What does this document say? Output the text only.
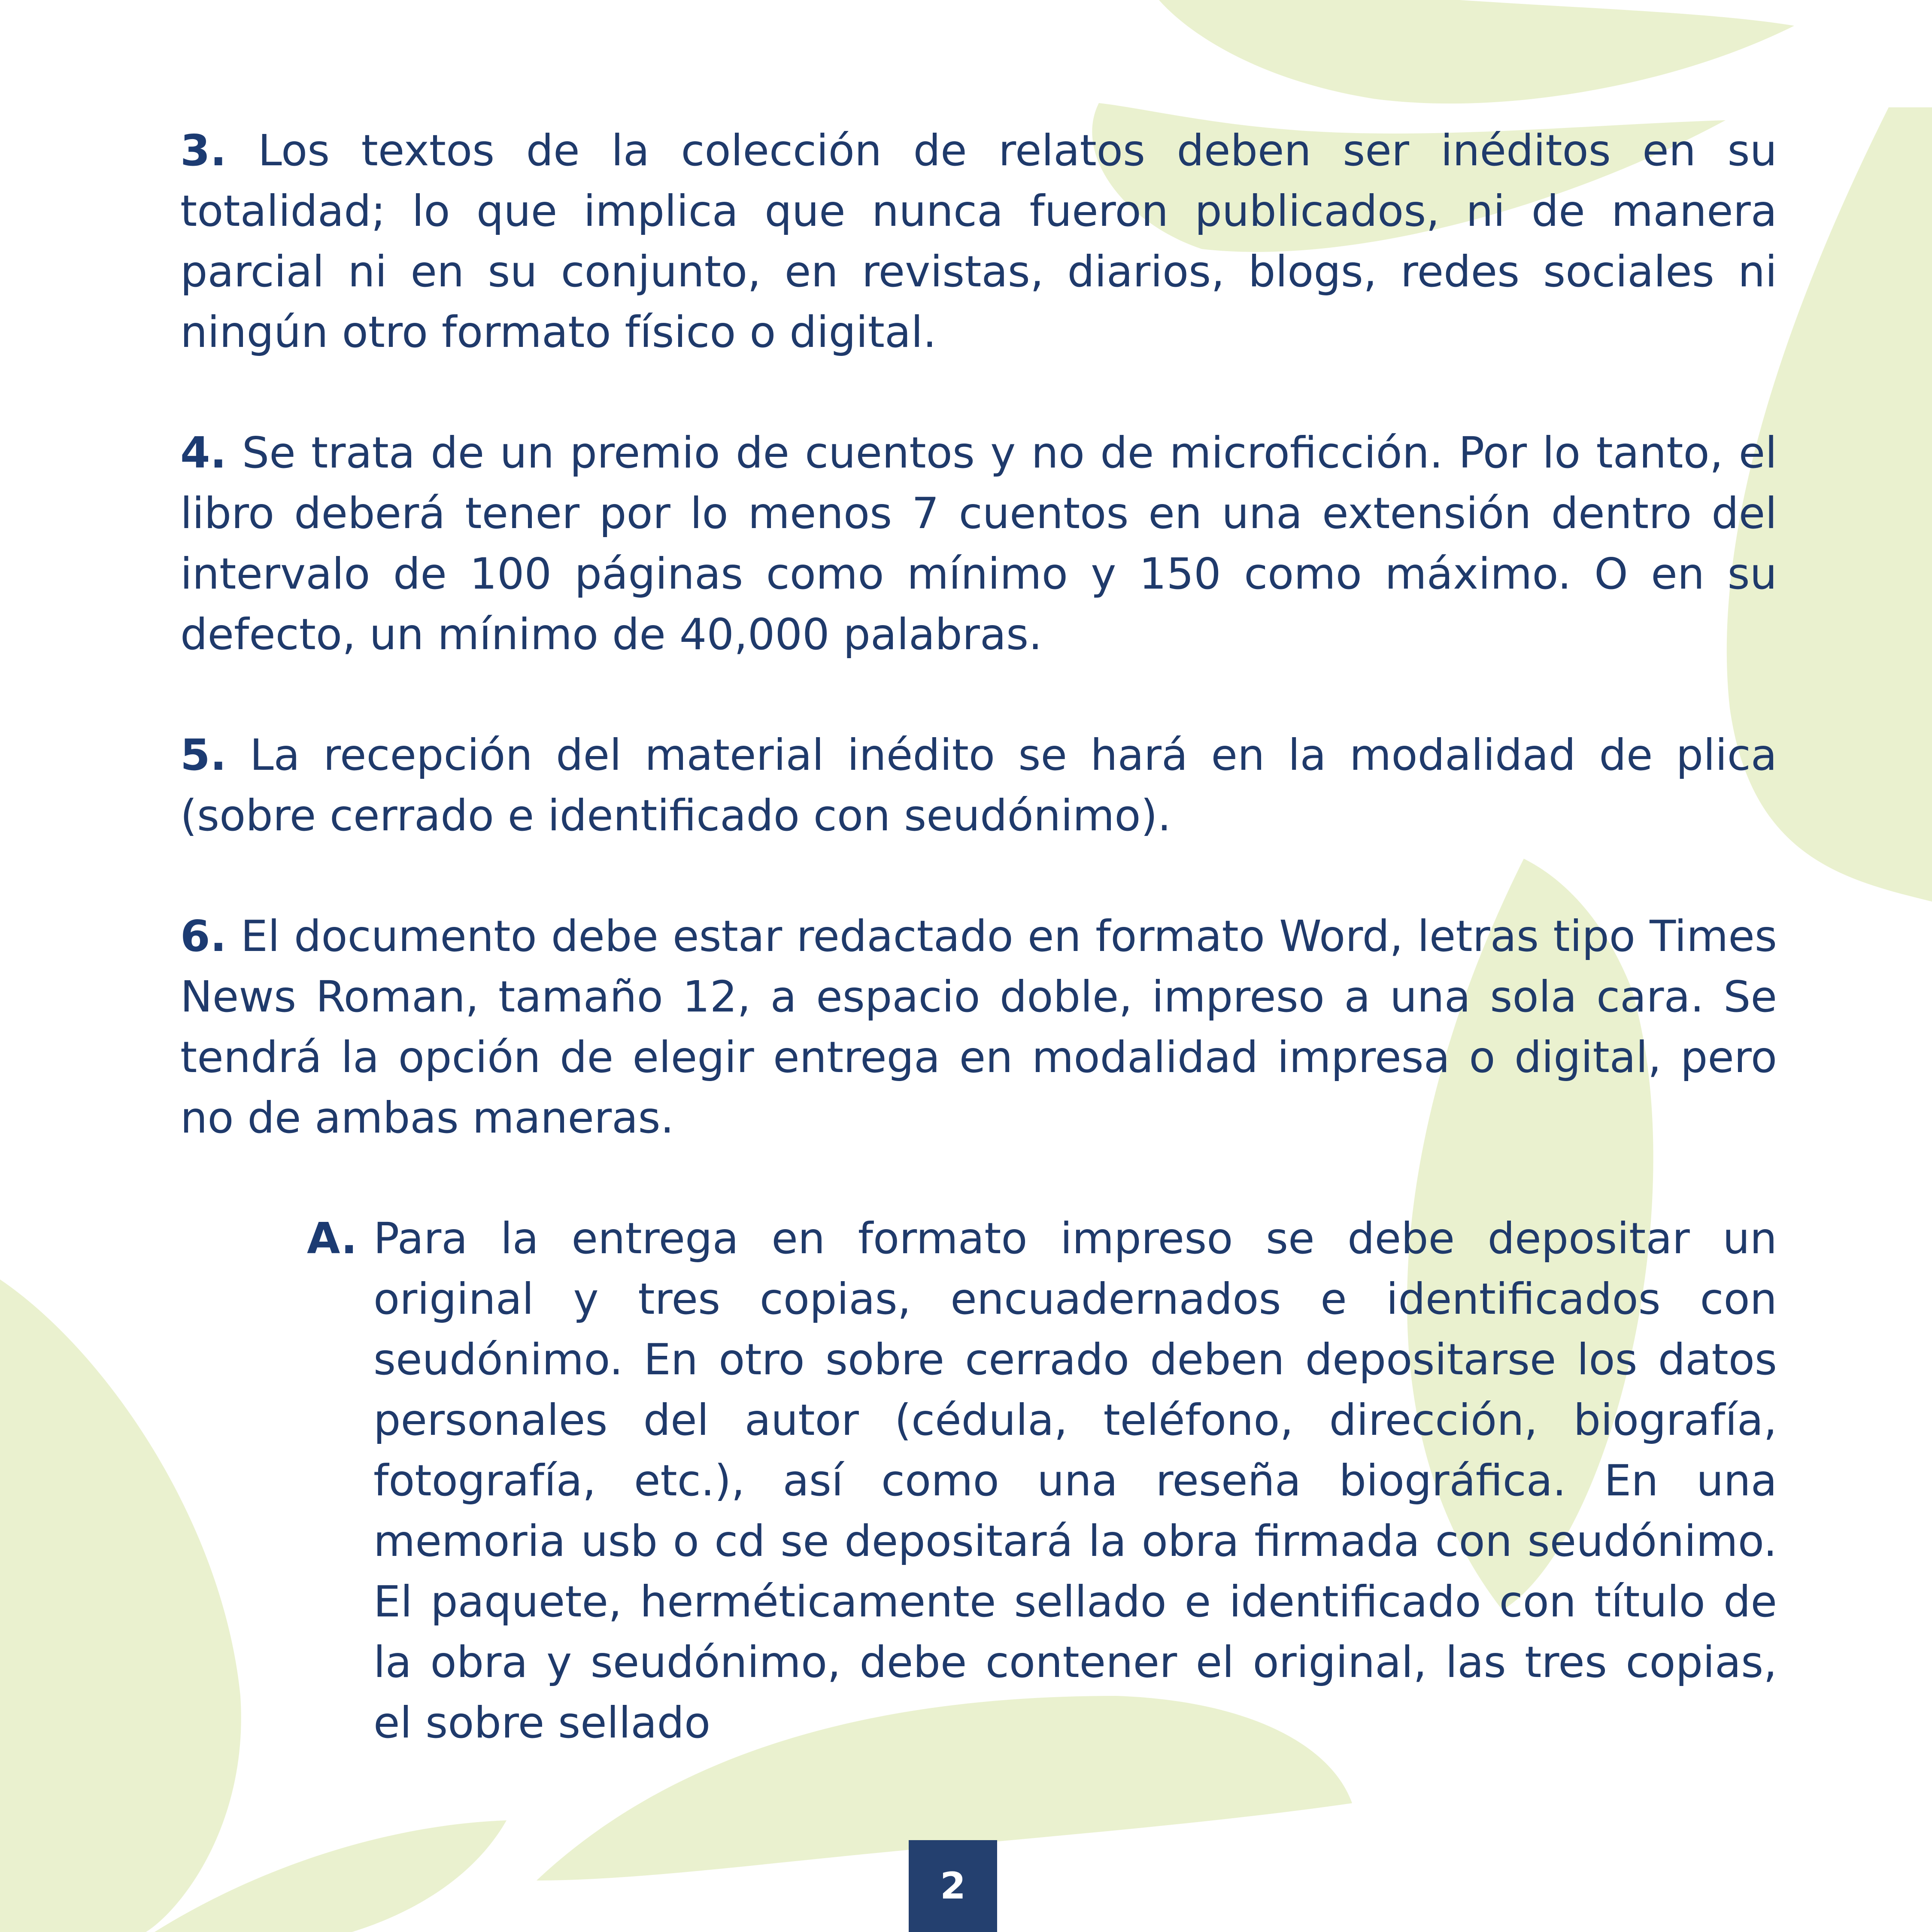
3. Los textos de la colección de relatos deben ser inéditos en su totalidad; lo que implica que nunca fueron publicados, ni de manera parcial ni en su conjunto, en revistas, diarios, blogs, redes sociales ni ningún otro formato físico o digital.

4. Se trata de un premio de cuentos y no de microficción. Por lo tanto, el libro deberá tener por lo menos 7 cuentos en una extensión dentro del intervalo de 100 páginas como mínimo y 150 como máximo. O en su defecto, un mínimo de 40,000 palabras.

5. La recepción del material inédito se hará en la modalidad de plica (sobre cerrado e identificado con seudónimo).

6. El documento debe estar redactado en formato Word, letras tipo Times News Roman, tamaño 12, a espacio doble, impreso a una sola cara. Se tendrá la opción de elegir entrega en modalidad impresa o digital, pero no de ambas maneras.

A. Para la entrega en formato impreso se debe depositar un original y tres copias, encuadernados e identificados con seudónimo. En otro sobre cerrado deben depositarse los datos personales del autor (cédula, teléfono, dirección, biografía, fotografía, etc.), así como una reseña biográfica. En una memoria usb o cd se depositará la obra firmada con seudónimo. El paquete, herméticamente sellado e identificado con título de la obra y seudónimo, debe contener el original, las tres copias, el sobre sellado
2
